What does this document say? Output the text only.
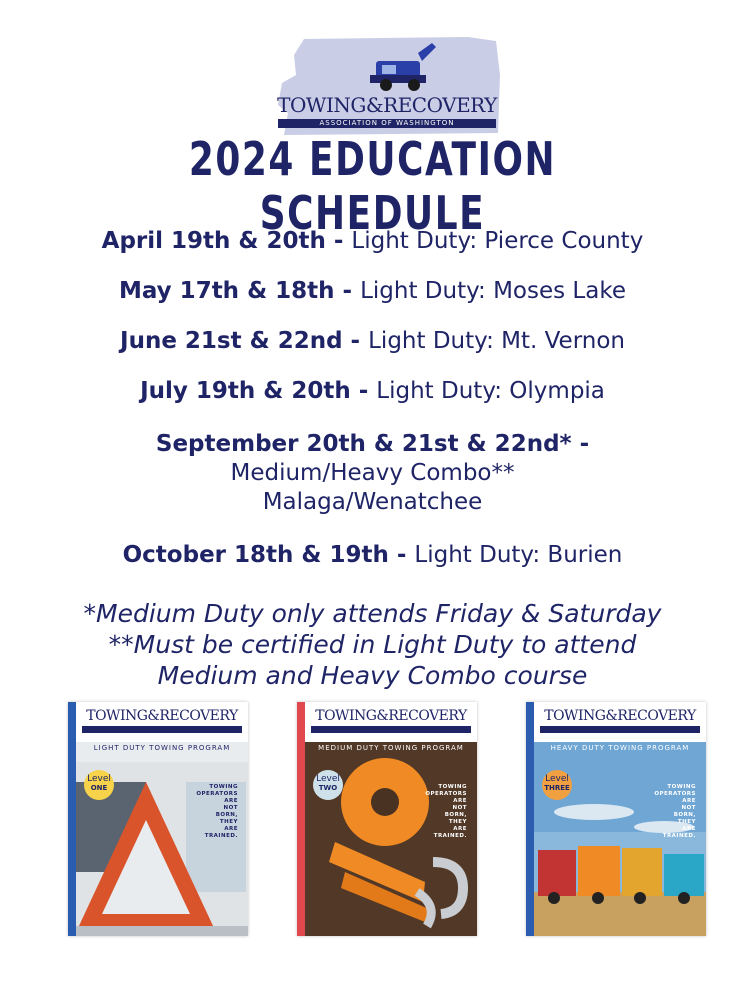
TOWING&RECOVERY
ASSOCIATION OF WASHINGTON
2024 EDUCATION SCHEDULE
April 19th & 20th - Light Duty: Pierce County
May 17th & 18th - Light Duty: Moses Lake
June 21st & 22nd - Light Duty: Mt. Vernon
July 19th & 20th - Light Duty: Olympia
September 20th & 21st & 22nd* -
Medium/Heavy Combo**
Malaga/Wenatchee
October 18th & 19th - Light Duty: Burien
*Medium Duty only attends Friday & Saturday
**Must be certified in Light Duty to attend
Medium and Heavy Combo course
TOWING&RECOVERY
LIGHT DUTY TOWING PROGRAM
Level
ONE	TOWING
OPERATORS
ARE
NOT
BORN,
THEY
ARE
TRAINED.
TOWING&RECOVERY
MEDIUM DUTY TOWING PROGRAM
Level
TWO	TOWING
OPERATORS
ARE
NOT
BORN,
THEY
ARE
TRAINED.
TOWING&RECOVERY
HEAVY DUTY TOWING PROGRAM
Level
THREE	TOWING
OPERATORS
ARE
NOT
BORN,
THEY
ARE
TRAINED.
